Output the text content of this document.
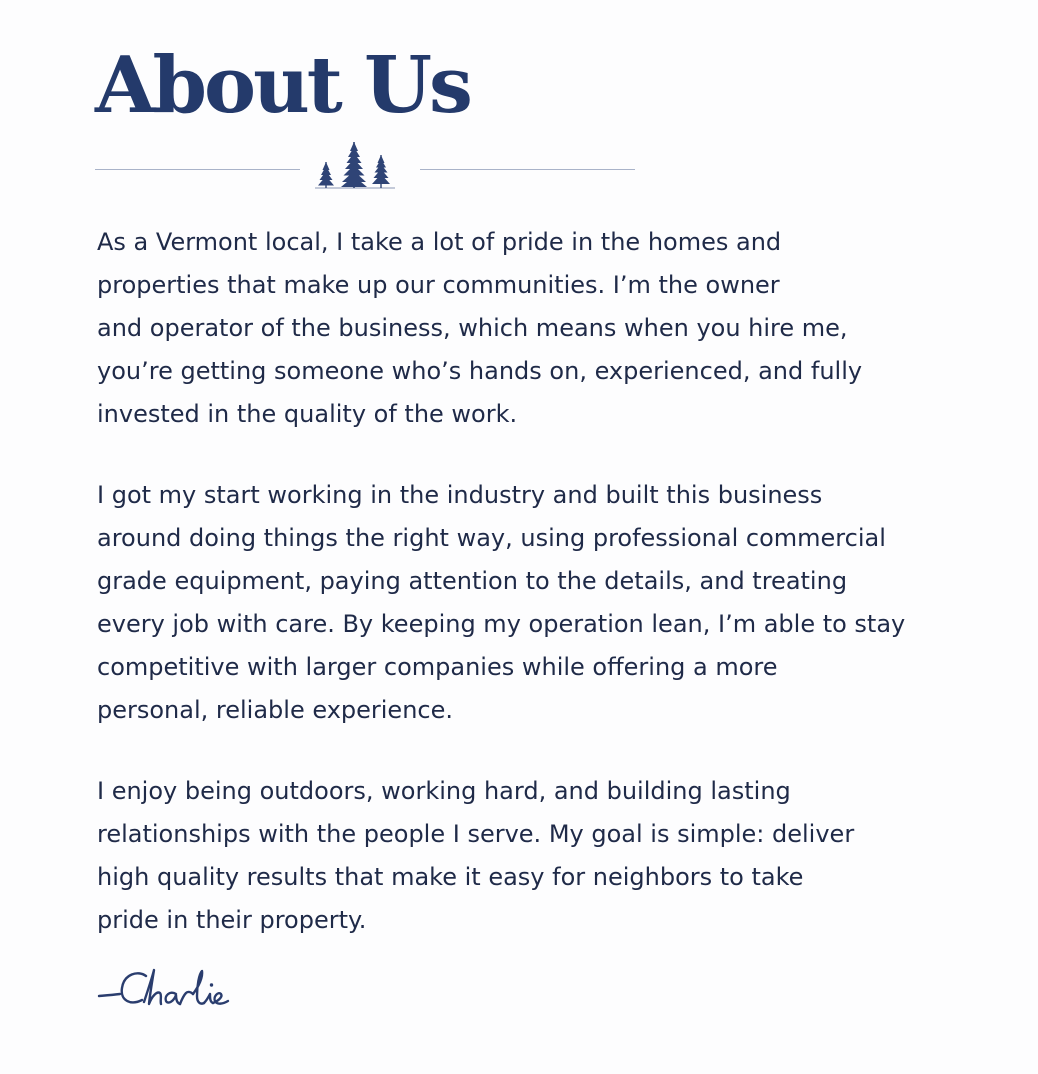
About Us

As a Vermont local, I take a lot of pride in the homes and
properties that make up our communities. I’m the owner
and operator of the business, which means when you hire me,
you’re getting someone who’s hands on, experienced, and fully
invested in the quality of the work.

I got my start working in the industry and built this business
around doing things the right way, using professional commercial
grade equipment, paying attention to the details, and treating
every job with care. By keeping my operation lean, I’m able to stay
competitive with larger companies while offering a more
personal, reliable experience.

I enjoy being outdoors, working hard, and building lasting
relationships with the people I serve. My goal is simple: deliver
high quality results that make it easy for neighbors to take
pride in their property.
